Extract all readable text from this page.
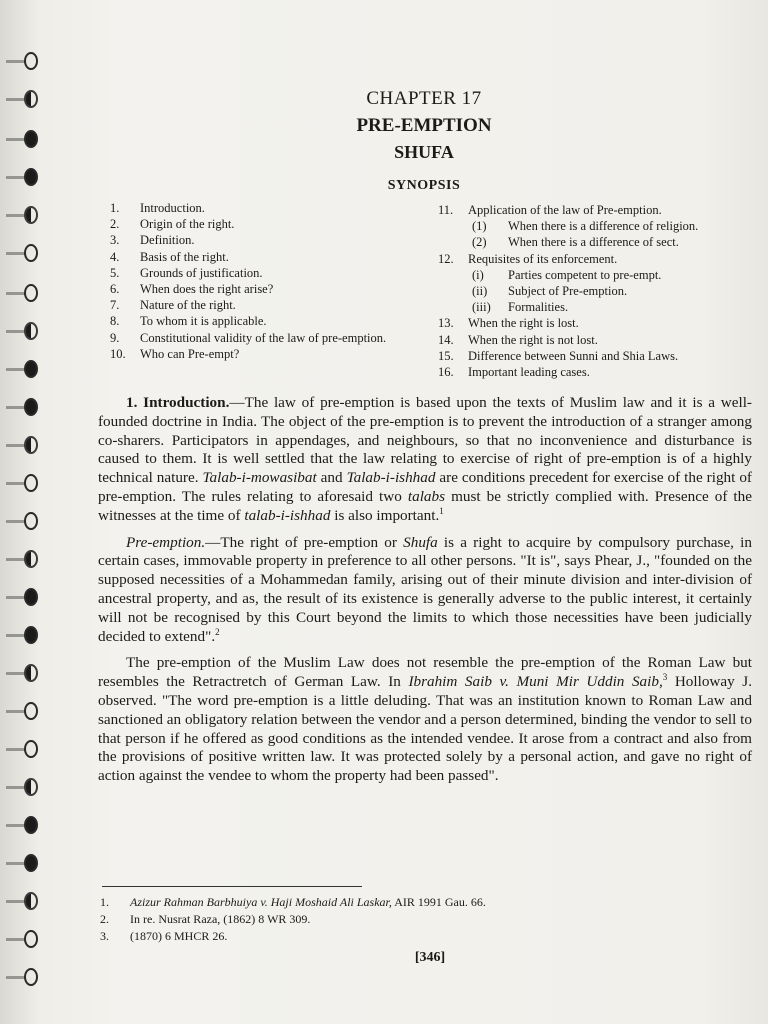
CHAPTER 17
PRE-EMPTION
SHUFA
SYNOPSIS
1.	Introduction.
2.	Origin of the right.
3.	Definition.
4.	Basis of the right.
5.	Grounds of justification.
6.	When does the right arise?
7.	Nature of the right.
8.	To whom it is applicable.
9.	Constitutional validity of the law of pre-emption.
10.	Who can Pre-empt?
11.	Application of the law of Pre-emption.
(1)	When there is a difference of religion.
(2)	When there is a difference of sect.
12.	Requisites of its enforcement.
(i)	Parties competent to pre-empt.
(ii)	Subject of Pre-emption.
(iii)	Formalities.
13.	When the right is lost.
14.	When the right is not lost.
15.	Difference between Sunni and Shia Laws.
16.	Important leading cases.

1. Introduction.—The law of pre-emption is based upon the texts of Muslim law and it is a well-founded doctrine in India. The object of the pre-emption is to prevent the introduction of a stranger among co-sharers. Participators in appendages, and neighbours, so that no inconvenience and disturbance is caused to them. It is well settled that the law relating to exercise of right of pre-emption is of a highly technical nature. Talab-i-mowasibat and Talab-i-ishhad are conditions precedent for exercise of the right of pre-emption. The rules relating to aforesaid two talabs must be strictly complied with. Presence of the witnesses at the time of talab-i-ishhad is also important.$^1$

Pre-emption.—The right of pre-emption or Shufa is a right to acquire by compulsory purchase, in certain cases, immovable property in preference to all other persons. "It is", says Phear, J., "founded on the supposed necessities of a Mohammedan family, arising out of their minute division and inter-division of ancestral property, and as, the result of its existence is generally adverse to the public interest, it certainly will not be recognised by this Court beyond the limits to which those necessities have been judicially decided to extend".$^2$

The pre-emption of the Muslim Law does not resemble the pre-emption of the Roman Law but resembles the Retractretch of German Law. In Ibrahim Saib v. Muni Mir Uddin Saib,$^3$ Holloway J. observed. "The word pre-emption is a little deluding. That was an institution known to Roman Law and sanctioned an obligatory relation between the vendor and a person determined, binding the vendor to sell to that person if he offered as good conditions as the intended vendee. It arose from a contract and also from the provisions of positive written law. It was protected solely by a personal action, and gave no right of action against the vendee to whom the property had been passed".

1.	Azizur Rahman Barbhuiya v. Haji Moshaid Ali Laskar, AIR 1991 Gau. 66.
2.	In re. Nusrat Raza, (1862) 8 WR 309.
3.	(1870) 6 MHCR 26.
[346]
